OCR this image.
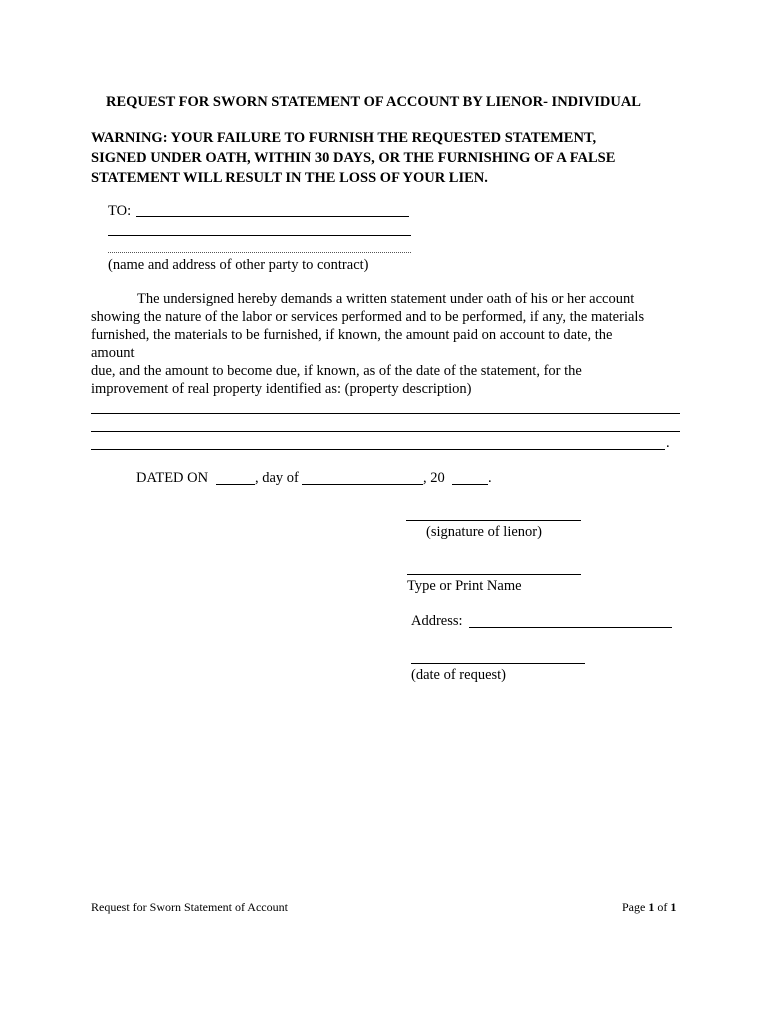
REQUEST FOR SWORN STATEMENT OF ACCOUNT BY LIENOR- INDIVIDUAL
WARNING: YOUR FAILURE TO FURNISH THE REQUESTED STATEMENT,
SIGNED UNDER OATH, WITHIN 30 DAYS, OR THE FURNISHING OF A FALSE
STATEMENT WILL RESULT IN THE LOSS OF YOUR LIEN.
TO:
(name and address of other party to contract)
The undersigned hereby demands a written statement under oath of his or her account
showing the nature of the labor or services performed and to be performed, if any, the materials
furnished, the materials to be furnished, if known, the amount paid on account to date, the
amount
due, and the amount to become due, if known, as of the date of the statement, for the
improvement of real property identified as: (property description)
.
DATED ON	, day of	, 20	.
(signature of lienor)
Type or Print Name
Address:
(date of request)
Request for Sworn Statement of Account	Page 1 of 1
